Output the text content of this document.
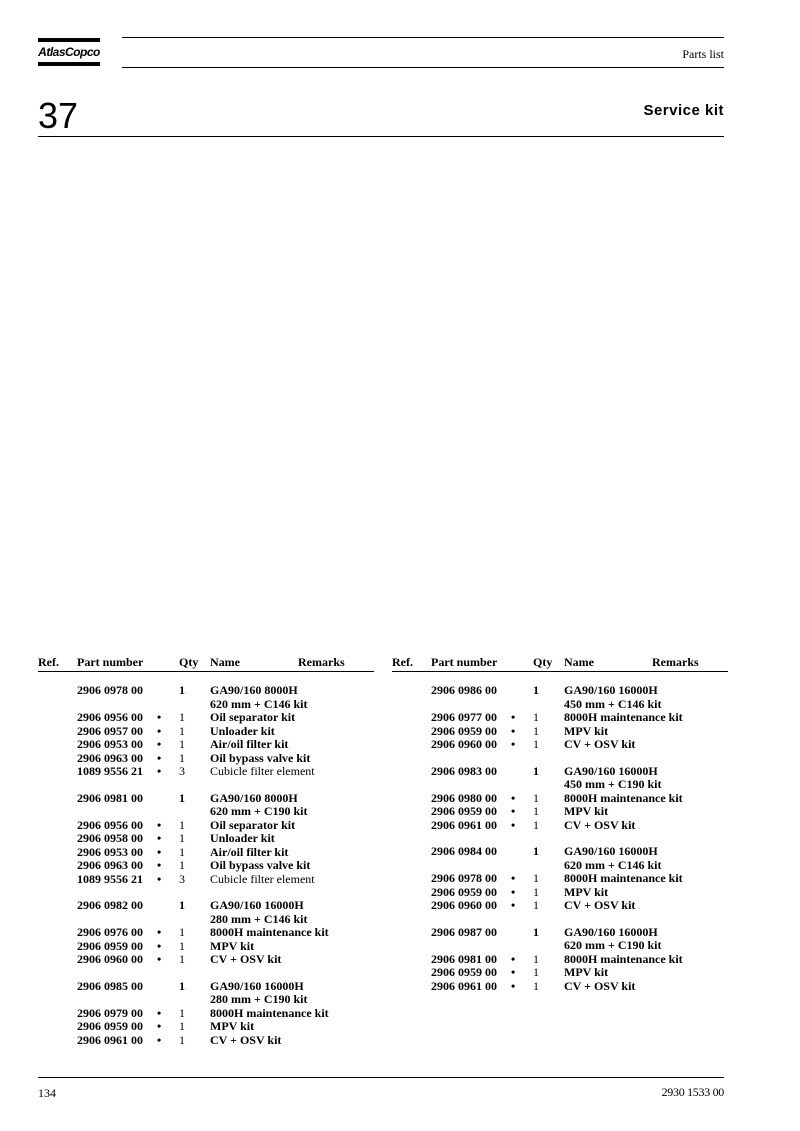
AtlasCopco	Parts list
37	Service kit
Ref. Part number	Qty Name	Remarks
2906 0978 00	1 GA90/160 8000H
620 mm + C146 kit
2906 0956 00 • 1 Oil separator kit
2906 0957 00 • 1 Unloader kit
2906 0953 00 • 1 Air/oil filter kit
2906 0963 00 • 1 Oil bypass valve kit
1089 9556 21 • 3 Cubicle filter element
2906 0981 00	1 GA90/160 8000H
620 mm + C190 kit
2906 0956 00 • 1 Oil separator kit
2906 0958 00 • 1 Unloader kit
2906 0953 00 • 1 Air/oil filter kit
2906 0963 00 • 1 Oil bypass valve kit
1089 9556 21 • 3 Cubicle filter element
2906 0982 00	1 GA90/160 16000H
280 mm + C146 kit
2906 0976 00 • 1 8000H maintenance kit
2906 0959 00 • 1 MPV kit
2906 0960 00 • 1 CV + OSV kit
2906 0985 00	1 GA90/160 16000H
280 mm + C190 kit
2906 0979 00 • 1 8000H maintenance kit
2906 0959 00 • 1 MPV kit
2906 0961 00 • 1 CV + OSV kit
Ref. Part number	Qty Name	Remarks
2906 0986 00	1 GA90/160 16000H
450 mm + C146 kit
2906 0977 00 • 1 8000H maintenance kit
2906 0959 00 • 1 MPV kit
2906 0960 00 • 1 CV + OSV kit
2906 0983 00	1 GA90/160 16000H
450 mm + C190 kit
2906 0980 00 • 1 8000H maintenance kit
2906 0959 00 • 1 MPV kit
2906 0961 00 • 1 CV + OSV kit
2906 0984 00	1 GA90/160 16000H
620 mm + C146 kit
2906 0978 00 • 1 8000H maintenance kit
2906 0959 00 • 1 MPV kit
2906 0960 00 • 1 CV + OSV kit
2906 0987 00	1 GA90/160 16000H
620 mm + C190 kit
2906 0981 00 • 1 8000H maintenance kit
2906 0959 00 • 1 MPV kit
2906 0961 00 • 1 CV + OSV kit
134	2930 1533 00
